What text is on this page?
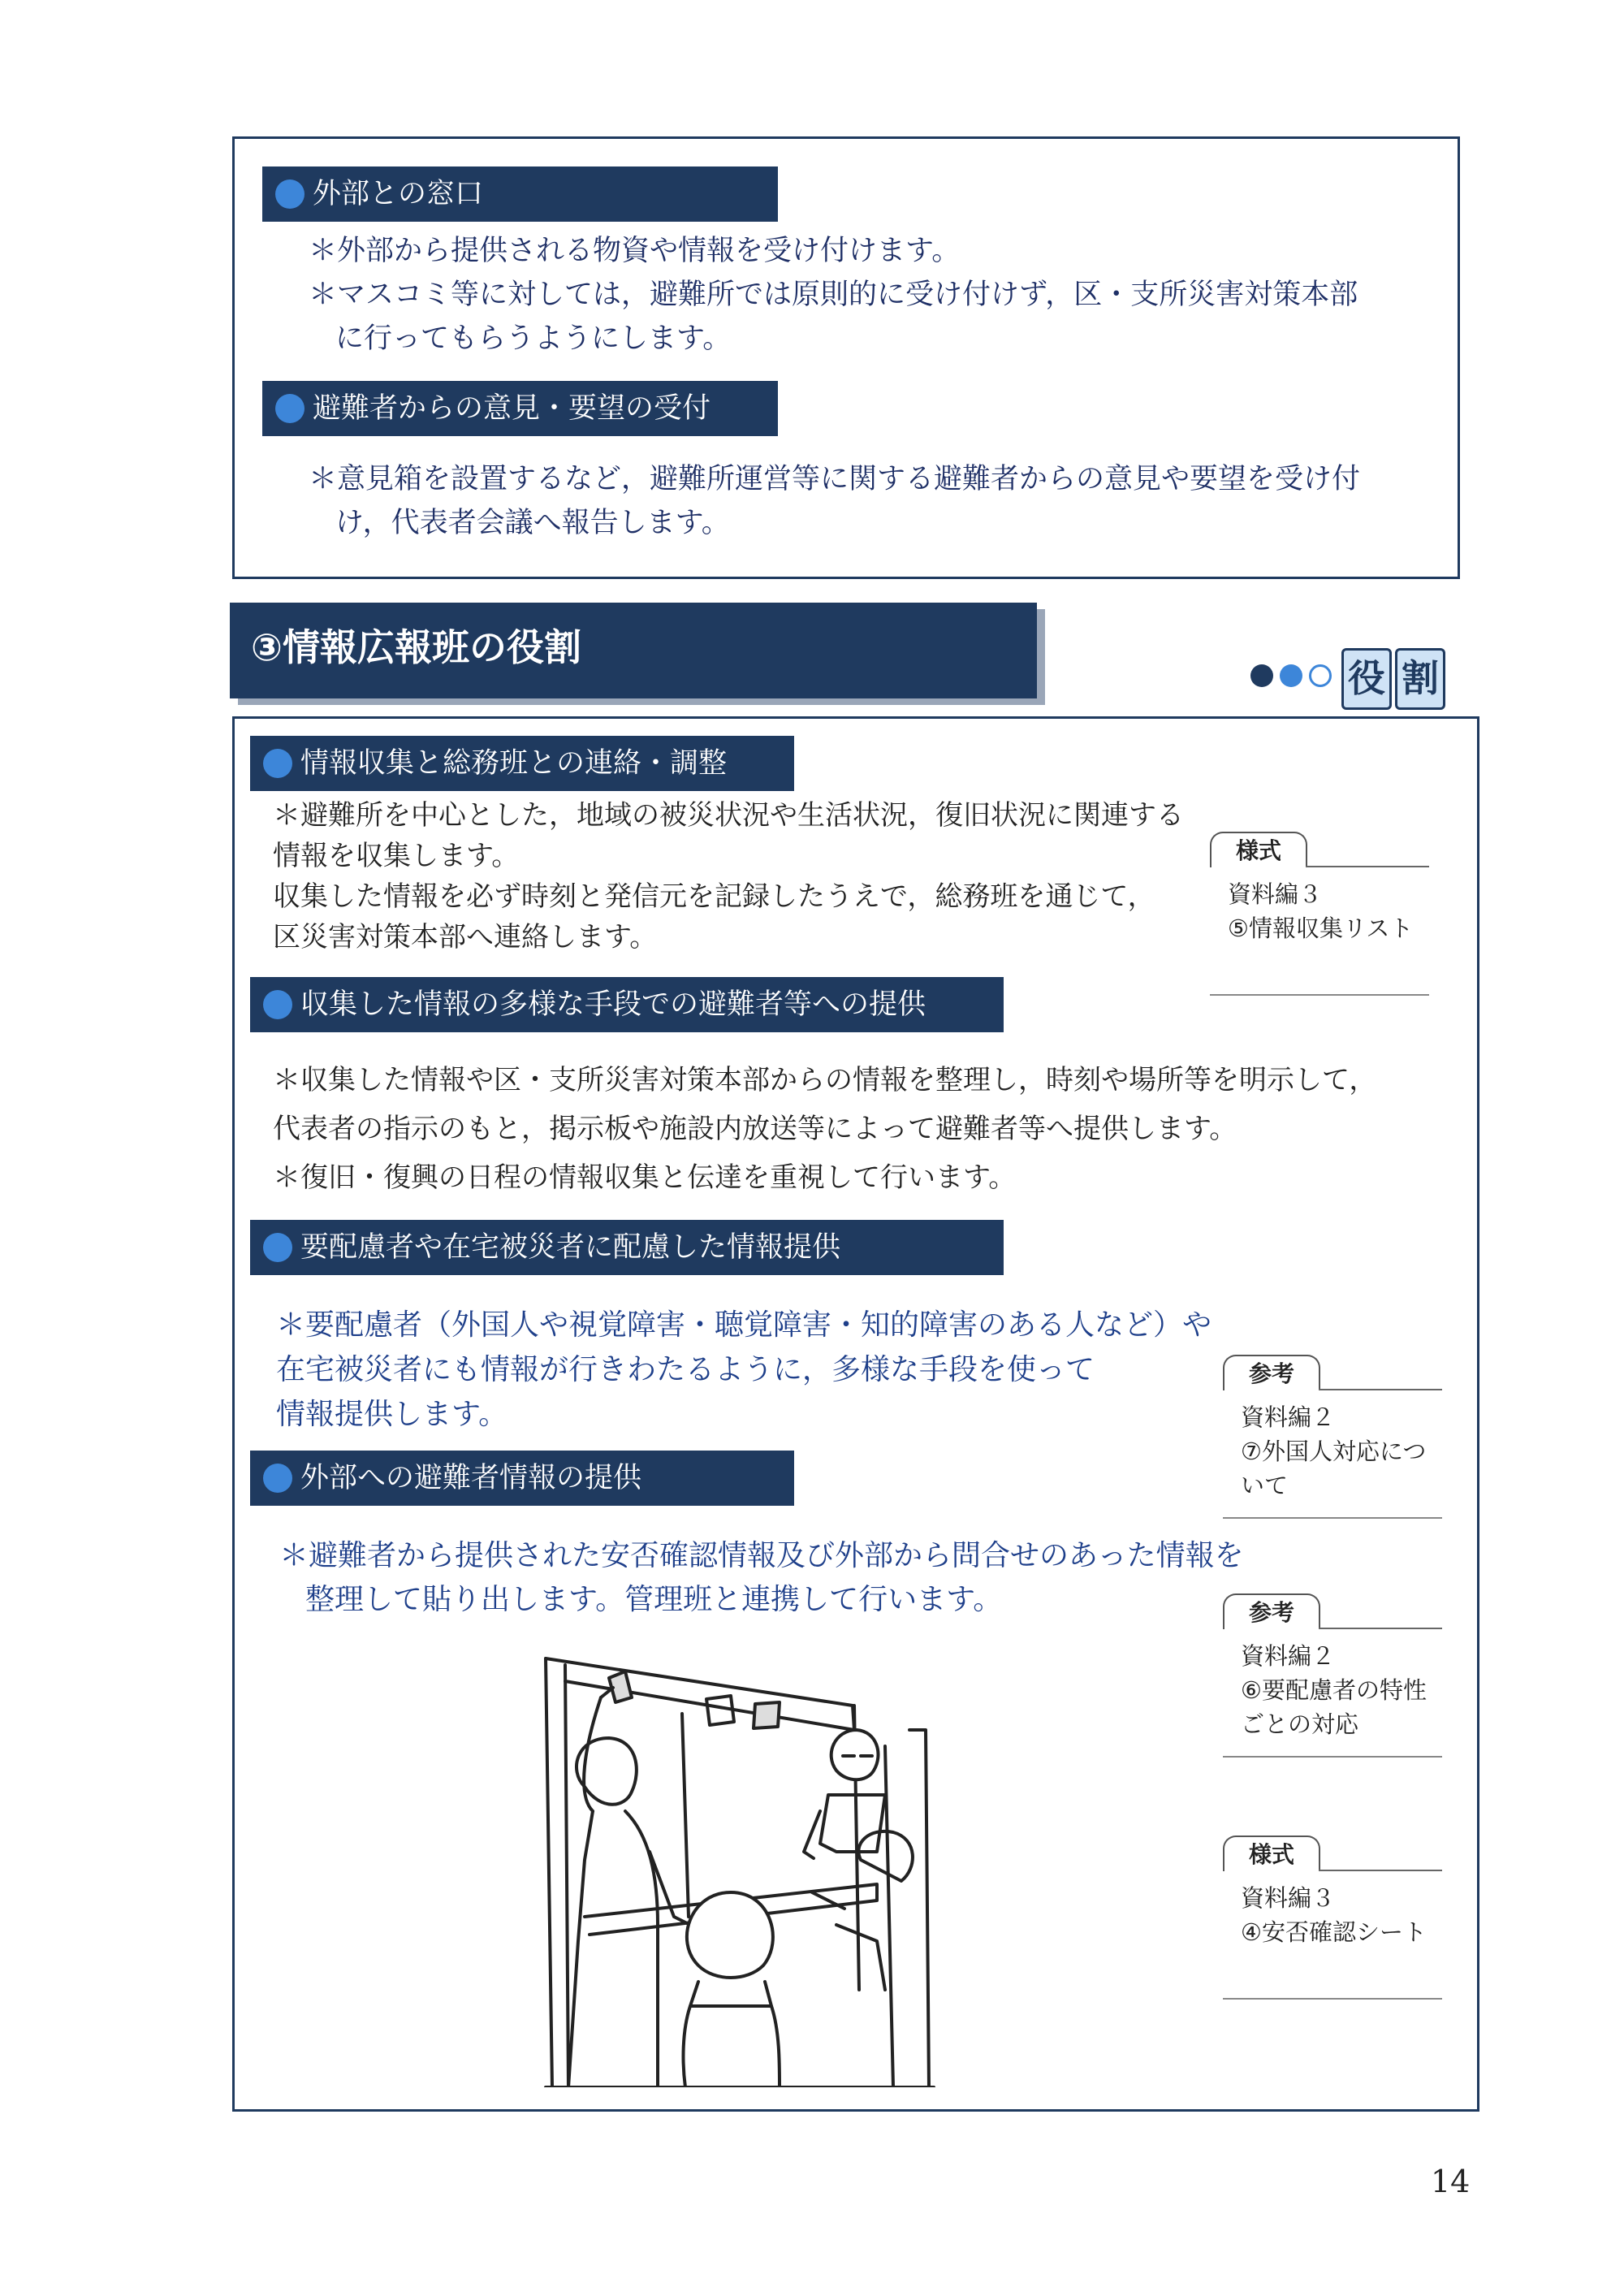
外部との窓口
＊外部から提供される物資や情報を受け付けます。
＊マスコミ等に対しては，避難所では原則的に受け付けず，区・支所災害対策本部
に行ってもらうようにします。
避難者からの意見・要望の受付
＊意見箱を設置するなど，避難所運営等に関する避難者からの意見や要望を受け付
け，代表者会議へ報告します。
③情報広報班の役割
役 割
情報収集と総務班との連絡・調整
＊避難所を中心とした，地域の被災状況や生活状況，復旧状況に関連する
情報を収集します。
収集した情報を必ず時刻と発信元を記録したうえで，総務班を通じて，
区災害対策本部へ連絡します。
収集した情報の多様な手段での避難者等への提供
＊収集した情報や区・支所災害対策本部からの情報を整理し，時刻や場所等を明示して，
代表者の指示のもと，掲示板や施設内放送等によって避難者等へ提供します。
＊復旧・復興の日程の情報収集と伝達を重視して行います。
要配慮者や在宅被災者に配慮した情報提供
＊要配慮者（外国人や視覚障害・聴覚障害・知的障害のある人など）や
在宅被災者にも情報が行きわたるように，多様な手段を使って
情報提供します。
外部への避難者情報の提供
＊避難者から提供された安否確認情報及び外部から問合せのあった情報を
整理して貼り出します。管理班と連携して行います。
様式
資料編３
⑤情報収集リスト
参考
資料編２
⑦外国人対応につ
いて
参考
資料編２
⑥要配慮者の特性
ごとの対応
様式
資料編３
④安否確認シート
14
